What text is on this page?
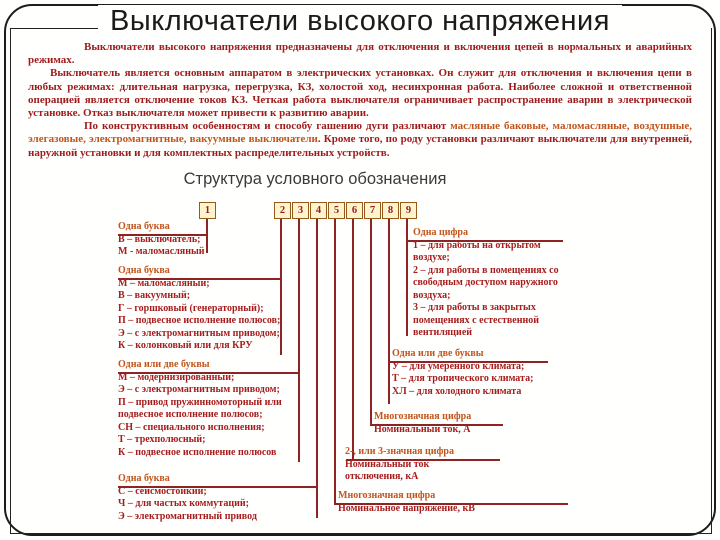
Выключатели высокого напряжения

Выключатели высокого напряжения предназначены для отключения и включения цепей в нормальных и аварийных режимах.

Выключатель является основным аппаратом в электрических установках. Он служит для отключения и включения цепи в любых режимах: длительная нагрузка, перегрузка, КЗ, холостой ход, несинхронная работа. Наиболее сложной и ответственной операцией является отключение токов КЗ. Четкая работа выключателя ограничивает распространение аварии в электрической установке. Отказ выключателя может привести к развитию аварии.

По конструктивным особенностям и способу гашению дуги различают масляные баковые, маломасляные, воздушные, элегазовые, электромагнитные, вакуумные выключатели. Кроме того, по роду установки различают выключатели для внутренней, наружной установки и для комплектных распределительных устройств.

Структура условного обозначения
1	2	3	4	5	6	7	8	9
Одна буква
В – выключатель;
М - маломасляный
Одна буква
М – маломасляный;
В – вакуумный;
Г – горшковый (генераторный);
П – подвесное исполнение полюсов;
Э – с электромагнитным приводом;
К – колонковый или для КРУ
Одна или две буквы
М – модернизированный;
Э – с электромагнитным приводом;
П – привод пружинномоторный или подвесное исполнение полюсов;
СН – специального исполнения;
Т – трехполюсный;
К – подвесное исполнение полюсов
Одна буква
С – сейсмостойкий;
Ч – для частых коммутаций;
Э – электромагнитный привод
Одна цифра
1 – для работы на открытом воздухе;
2 – для работы в помещениях со свободным доступом наружного воздуха;
3 – для работы в закрытых помещениях с естественной вентиляцией
Одна или две буквы
У – для умеренного климата;
Т – для тропического климата;
ХЛ – для холодного климата
Многозначная цифра
Номинальный ток, А
2-, или 3-значная цифра
Номинальный ток отключения, кА
Многозначная цифра
Номинальное напряжение, кВ
